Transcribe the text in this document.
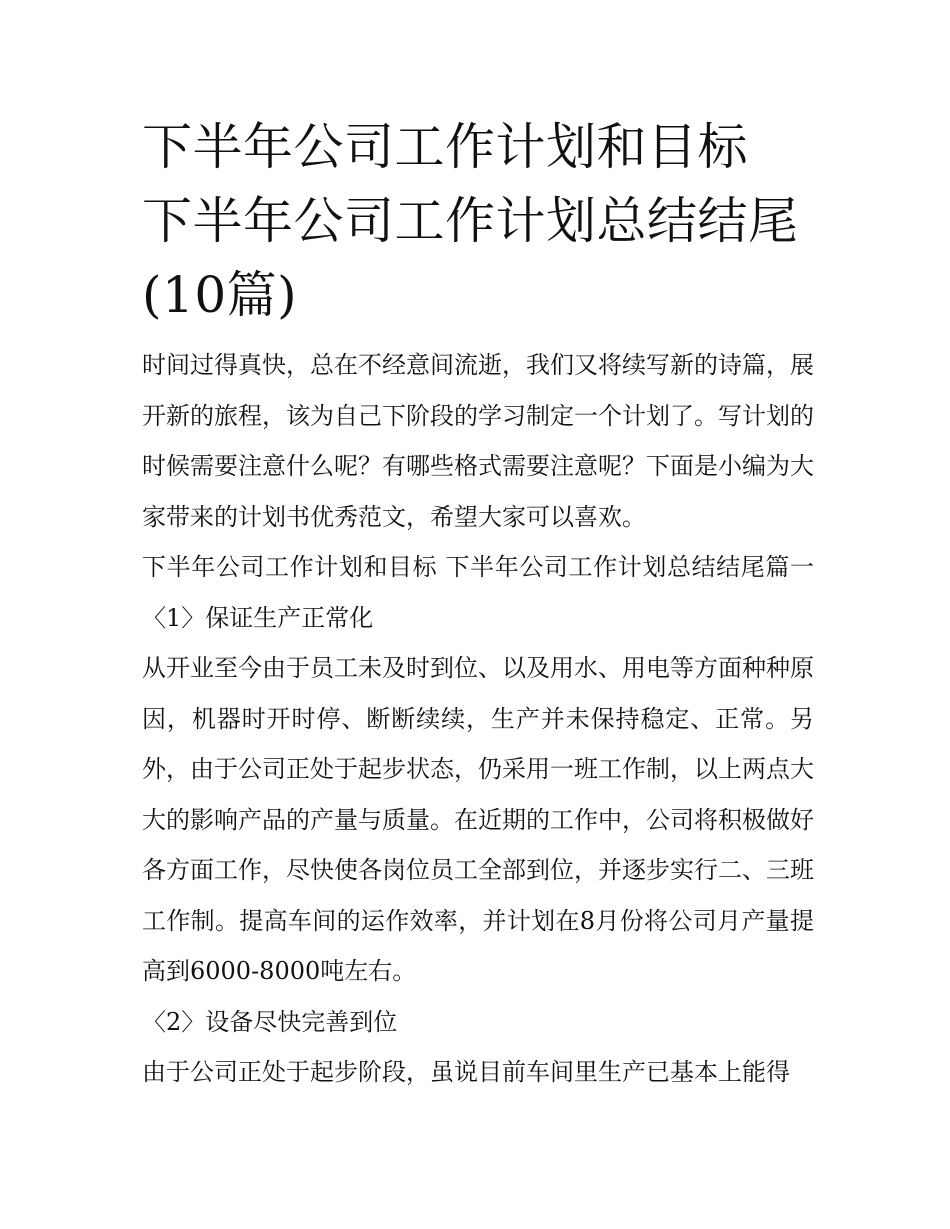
下半年公司工作计划和目标 下半年公司工作计划总结结尾(10篇)

时间过得真快，总在不经意间流逝，我们又将续写新的诗篇，展开新的旅程，该为自己下阶段的学习制定一个计划了。写计划的时候需要注意什么呢？有哪些格式需要注意呢？下面是小编为大家带来的计划书优秀范文，希望大家可以喜欢。

下半年公司工作计划和目标 下半年公司工作计划总结结尾篇一 〈1〉保证生产正常化

从开业至今由于员工未及时到位、以及用水、用电等方面种种原因，机器时开时停、断断续续，生产并未保持稳定、正常。另外，由于公司正处于起步状态，仍采用一班工作制，以上两点大大的影响产品的产量与质量。在近期的工作中，公司将积极做好各方面工作，尽快使各岗位员工全部到位，并逐步实行二、三班工作制。提高车间的运作效率，并计划在8月份将公司月产量提高到6000-8000吨左右。

〈2〉设备尽快完善到位

由于公司正处于起步阶段，虽说目前车间里生产已基本上能得
